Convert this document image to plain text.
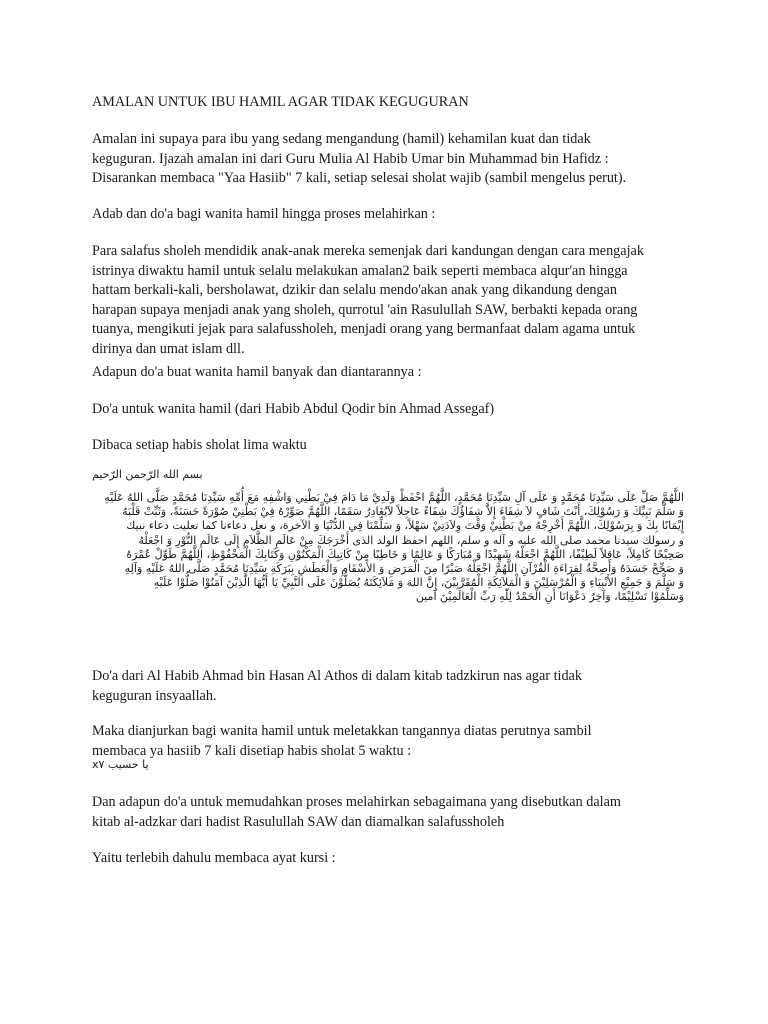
AMALAN UNTUK IBU HAMIL AGAR TIDAK KEGUGURAN

Amalan ini supaya para ibu yang sedang mengandung (hamil) kehamilan kuat dan tidak
keguguran. Ijazah amalan ini dari Guru Mulia Al Habib Umar bin Muhammad bin Hafidz :
Disarankan membaca "Yaa Hasiib" 7 kali, setiap selesai sholat wajib (sambil mengelus perut).

Adab dan do'a bagi wanita hamil hingga proses melahirkan :

Para salafus sholeh mendidik anak-anak mereka semenjak dari kandungan dengan cara mengajak
istrinya diwaktu hamil untuk selalu melakukan amalan2 baik seperti membaca alqur'an hingga
hattam berkali-kali, bersholawat, dzikir dan selalu mendo'akan anak yang dikandung dengan
harapan supaya menjadi anak yang sholeh, qurrotul 'ain Rasulullah SAW, berbakti kepada orang
tuanya, mengikuti jejak para salafussholeh, menjadi orang yang bermanfaat dalam agama untuk
dirinya dan umat islam dll.

Adapun do'a buat wanita hamil banyak dan diantarannya :

Do'a untuk wanita hamil (dari Habib Abdul Qodir bin Ahmad Assegaf)

Dibaca setiap habis sholat lima waktu

بسم الله الرّحمن الرّحيم

اللَّهُمَّ صَلِّ عَلَى سَيِّدِنَا مُحَمَّدٍ وَ عَلَى آلِ سَيِّدِنَا مُحَمَّدٍ، اللَّهُمَّ احْفَظْ وَلَدِيْ مَا دَامَ فِيْ بَطْنِي وَاشْفِهِ مَعَ أُمِّهِ سَيِّدِنَا مُحَمَّدٍ صَلَّى اللهُ عَلَيْهِ
وَ سَلَّمَ نَبِيِّكَ وَ رَسُوْلِكَ، أَنْتَ شَافٍ لاَ شِفَاءَ إِلاَّ شِفَاؤُكَ شِفَاءً عَاجِلاً لاَيُغَادِرُ سَقَمًا، اللَّهُمَّ صَوِّرْهُ فِيْ بَطْنِيْ صُوْرَةً حَسَنَةً، وَثَبِّتْ قَلْبَهُ
إِيْمَانًا بِكَ وَ بِرَسُوْلِكَ، اللَّهُمَّ أَخْرِجْهُ مِنْ بَطْنِيْ وَقْتَ وِلاَدَتِيْ سَهْلاً، وَ سَلِّمْنَا فِي الدُّنْيَا وَ الآخرة، و نعل دعاءنا كما تعليت دعاء نبيك
و رسولك سيدنا محمد صلى الله عليه و آله و سلم، اللهم احفظ الولد الذى أَخْرَجَكَ مِنْ عَالَمِ الظَّلاَمِ إِلَى عَالَمِ النُّوْرِ وَ اجْعَلْهُ
صَحِيْحًا كَامِلاً، عَاقِلاً لَطِيْفًا، اللَّهُمَّ اجْعَلْهُ شَهِيْدًا وَ مُبَارَكًا وَ عَالِمًا وَ خَاطِبًا مِنْ كَاتِبِكَ الْمَكْنُوْنِ وَكَتَابِكَ الْمَحْفُوْظِ، اللَّهُمَّ طَوِّلْ عُمْرَهُ
وَ صَحِّحْ جَسَدَهُ وَأَصِحَّةُ لِقِرَاءَةِ الْقُرْآنِ اللَّهُمَّ اجْعَلْهُ صَبْرًا مِنَ الْمَرَضِ وَ الأَسْقَامِ وَالْعَطَشِ بِبَرَكَةِ سَيِّدِنَا مُحَمَّدٍ صَلَّى اللهُ عَلَيْهِ وَآلِهِ
وَ سَلَّمَ وَ جَمِيْعِ الأَنْبِيَاءِ وَ الْمُرْسَلِيْنَ وَ الْمَلاَئِكَةِ الْمُقَرَّبِيْنَ، إِنَّ اللهَ وَ مَلاَئِكَتَهُ يُصَلُّوْنَ عَلَى النَّبِيِّ يَا أَيُّهَا الَّذِيْنَ آمَنُوْا صَلُّوْا عَلَيْهِ
وَسَلِّمُوْا تَسْلِيْمًا، وَآخِرُ دَعْوَانَا أَنِ الْحَمْدُ لِلّٰهِ رَبِّ الْعَالَمِيْنَ آمين

Do'a dari Al Habib Ahmad bin Hasan Al Athos di dalam kitab tadzkirun nas agar tidak
keguguran insyaallah.

Maka dianjurkan bagi wanita hamil untuk meletakkan tangannya diatas perutnya sambil
membaca ya hasiib 7 kali disetiap habis sholat 5 waktu :

يا حسيب x٧

Dan adapun do'a untuk memudahkan proses melahirkan sebagaimana yang disebutkan dalam
kitab al-adzkar dari hadist Rasulullah SAW dan diamalkan salafussholeh

Yaitu terlebih dahulu membaca ayat kursi :
